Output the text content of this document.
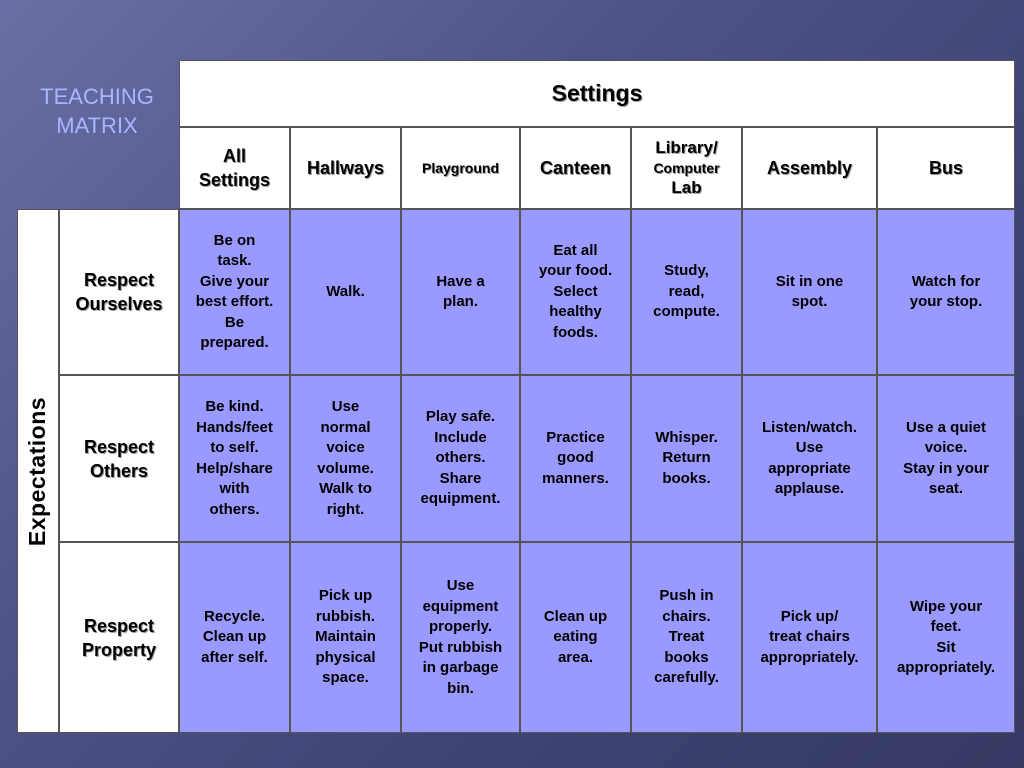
TEACHING
MATRIX
Settings
All
Settings
Hallways	Playground Canteen
Library/
Computer
Lab
Assembly	Bus
Expectations
Respect
Ourselves
Be on
task.
Give your
best effort.
Be
prepared.
Walk.
Have a
plan.
Eat all
your food.
Select
healthy
foods.
Study,
read,
compute.
Sit in one
spot.
Watch for
your stop.
Respect
Others
Be kind.
Hands/feet
to self.
Help/share
with
others.
Use
normal
voice
volume.
Walk to
right.
Play safe.
Include
others.
Share
equipment.
Practice
good
manners.
Whisper.
Return
books.
Listen/watch.
Use
appropriate
applause.
Use a quiet
voice.
Stay in your
seat.
Respect
Property
Recycle.
Clean up
after self.
Pick up
rubbish.
Maintain
physical
space.
Use
equipment
properly.
Put rubbish
in garbage
bin.
Clean up
eating
area.
Push in
chairs.
Treat
books
carefully.
Pick up/
treat chairs
appropriately.
Wipe your
feet.
Sit
appropriately.
